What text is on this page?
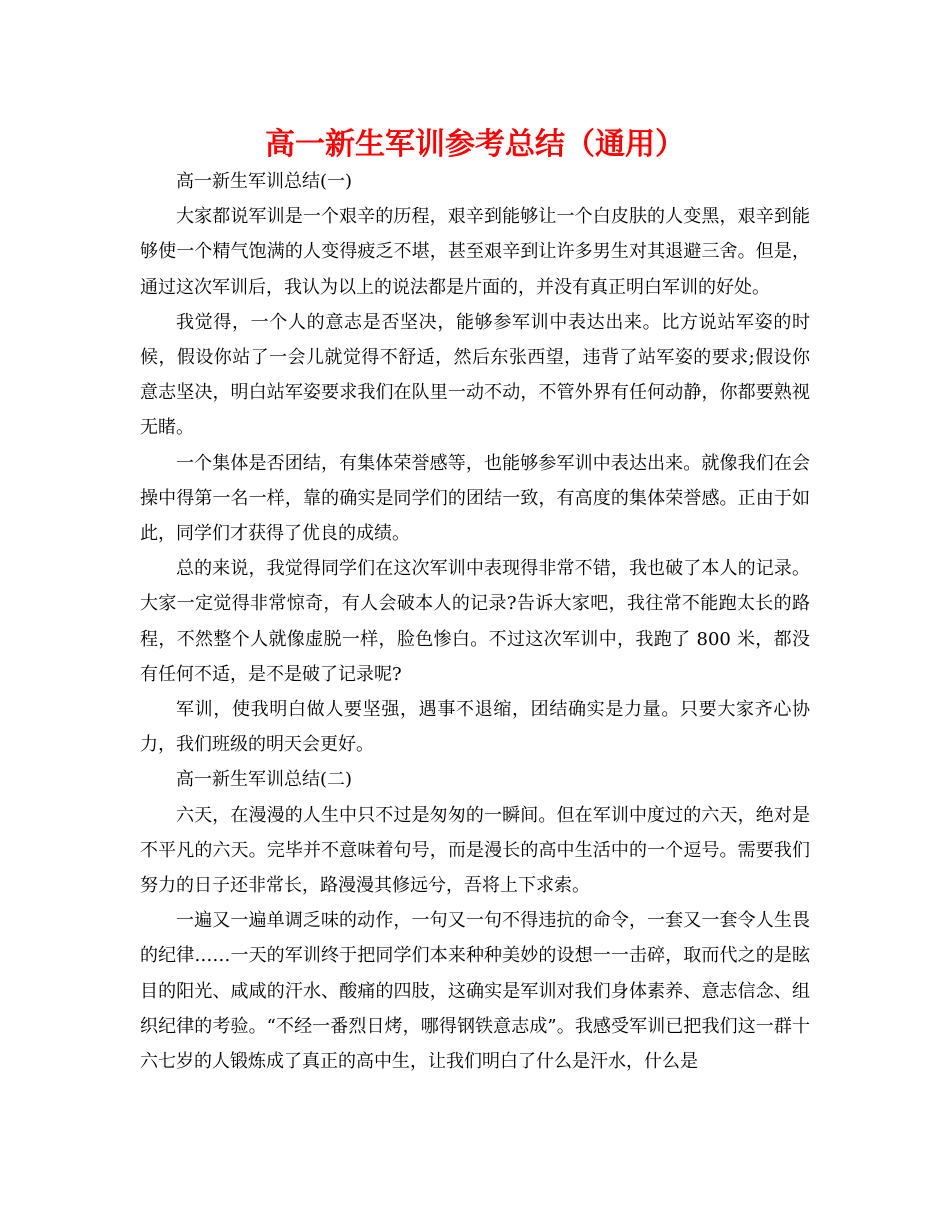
高一新生军训参考总结（通用）

高一新生军训总结(一)

大家都说军训是一个艰辛的历程，艰辛到能够让一个白皮肤的人变黑，艰辛到能够使一个精气饱满的人变得疲乏不堪，甚至艰辛到让许多男生对其退避三舍。但是，通过这次军训后，我认为以上的说法都是片面的，并没有真正明白军训的好处。

我觉得，一个人的意志是否坚决，能够参军训中表达出来。比方说站军姿的时候，假设你站了一会儿就觉得不舒适，然后东张西望，违背了站军姿的要求;假设你意志坚决，明白站军姿要求我们在队里一动不动，不管外界有任何动静，你都要熟视无睹。

一个集体是否团结，有集体荣誉感等，也能够参军训中表达出来。就像我们在会操中得第一名一样，靠的确实是同学们的团结一致，有高度的集体荣誉感。正由于如此，同学们才获得了优良的成绩。

总的来说，我觉得同学们在这次军训中表现得非常不错，我也破了本人的记录。大家一定觉得非常惊奇，有人会破本人的记录?告诉大家吧，我往常不能跑太长的路程，不然整个人就像虚脱一样，脸色惨白。不过这次军训中，我跑了 800 米，都没有任何不适，是不是破了记录呢?

军训，使我明白做人要坚强，遇事不退缩，团结确实是力量。只要大家齐心协力，我们班级的明天会更好。

高一新生军训总结(二)

六天，在漫漫的人生中只不过是匆匆的一瞬间。但在军训中度过的六天，绝对是不平凡的六天。完毕并不意味着句号，而是漫长的高中生活中的一个逗号。需要我们努力的日子还非常长，路漫漫其修远兮，吾将上下求索。

一遍又一遍单调乏味的动作，一句又一句不得违抗的命令，一套又一套令人生畏的纪律……一天的军训终于把同学们本来种种美妙的设想一一击碎，取而代之的是眩目的阳光、咸咸的汗水、酸痛的四肢，这确实是军训对我们身体素养、意志信念、组织纪律的考验。“不经一番烈日烤，哪得钢铁意志成”。我感受军训已把我们这一群十六七岁的人锻炼成了真正的高中生，让我们明白了什么是汗水，什么是
